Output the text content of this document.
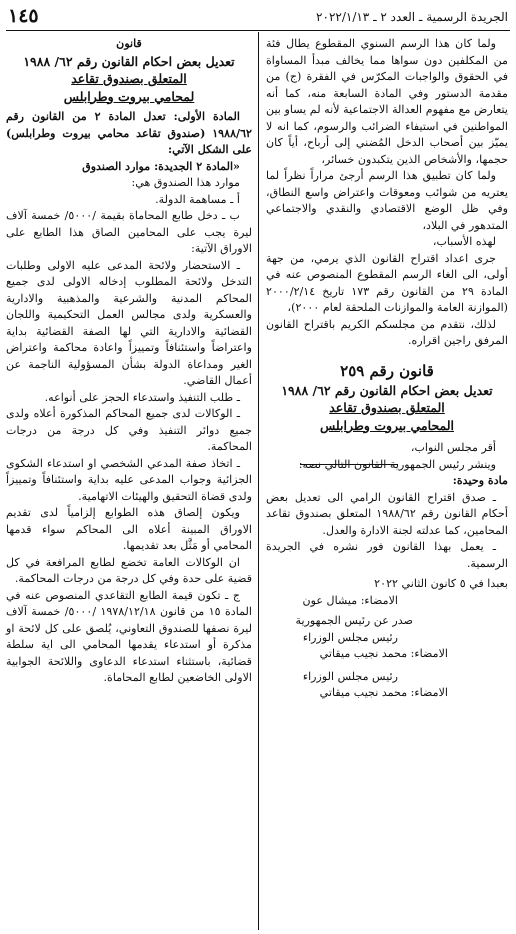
الجريدة الرسمية ـ العدد ٢ ـ ٢٠٢٢/١/١٣
١٤٥

ولما كان هذا الرسم السنوي المقطوع يطال فئة من المكلفين دون سواها مما يخالف مبدأ المساواة في الحقوق والواجبات المكرّس في الفقرة (ج) من مقدمة الدستور وفي المادة السابعة منه، كما أنه يتعارض مع مفهوم العدالة الاجتماعية لأنه لم يساو بين المواطنين في استيفاء الضرائب والرسوم، كما انه لا يميّز بين أصحاب الدخل المُضني إلى أرباح، أياً كان حجمها، والأشخاص الذين يتكبدون خسائر،

ولما كان تطبيق هذا الرسم أرجئ مراراً نظراً لما يعتريه من شوائب ومعوقات واعتراض واسع النطاق، وفي ظل الوضع الاقتصادي والنقدي والاجتماعي المتدهور في البلاد،

لهذه الأسباب،

جرى اعداد اقتراح القانون الذي يرمي، من جهة أولى، الى الغاء الرسم المقطوع المنصوص عنه في المادة ٢٩ من القانون رقم ١٧٣ تاريخ ٢٠٠٠/٢/١٤ (الموازنة العامة والموازنات الملحقة لعام ٢٠٠٠)،

لذلك، نتقدم من مجلسكم الكريم باقتراح القانون المرفق راجين اقراره.

قانون رقم ٢٥٩
تعديل بعض احكام القانون رقم ٦٢/ ١٩٨٨
المتعلق بصندوق تقاعد
المحامي بيروت وطرابلس

أقر مجلس النواب،

وينشر رئيس الجمهورية القانون التالي نصه:

مادة وحيدة:

ـ صدق اقتراح القانون الرامي الى تعديل بعض أحكام القانون رقم ١٩٨٨/٦٢ المتعلق بصندوق تقاعد المحامين، كما عدلته لجنة الادارة والعدل.

ـ يعمل بهذا القانون فور نشره في الجريدة الرسمية.

بعبدا في ٥ كانون الثاني ٢٠٢٢

الامضاء: ميشال عون

صدر عن رئيس الجمهورية

رئيس مجلس الوزراء

الامضاء: محمد نجيب ميقاتي

رئيس مجلس الوزراء

الامضاء: محمد نجيب ميقاتي

قانون
تعديل بعض احكام القانون رقم ٦٢/ ١٩٨٨
المتعلق بصندوق تقاعد
لمحامي بيروت وطرابلس

المادة الأولى: تعدل المادة ٢ من القانون رقم ١٩٨٨/٦٢ (صندوق تقاعد محامي بيروت وطرابلس) على الشكل الآتي:

«المادة ٢ الجديدة: موارد الصندوق

موارد هذا الصندوق هي:

أ ـ مساهمة الدولة.

ب ـ دخل طابع المحاماة بقيمة /٥٠٠٠/ خمسة آلاف ليرة يجب على المحامين الصاق هذا الطابع على الاوراق الآتية:

ـ الاستحضار ولائحة المدعى عليه الاولى وطلبات التدخل ولائحة المطلوب إدخاله الاولى لدى جميع المحاكم المدنية والشرعية والمذهبية والادارية والعسكرية ولدى مجالس العمل التحكيمية واللجان القضائية والادارية التي لها الصفة القضائية بداية واعتراضاً واستئنافاً وتمييزاً واعادة محاكمة واعتراض الغير ومداعاة الدولة بشأن المسؤولية الناجمة عن أعمال القاضي.

ـ طلب التنفيذ واستدعاء الحجز على أنواعه.

ـ الوكالات لدى جميع المحاكم المذكورة أعلاه ولدى جميع دوائر التنفيذ وفي كل درجة من درجات المحاكمة.

ـ اتخاذ صفة المدعي الشخصي او استدعاء الشكوى الجزائية وجواب المدعى عليه بداية واستئنافاً وتمييزاً ولدى قضاة التحقيق والهيئات الاتهامية.

ويكون إلصاق هذه الطوابع إلزامياً لدى تقديم الاوراق المبينة أعلاه الى المحاكم سواء قدمها المحامي أو مَثَّل بعد تقديمها.

ان الوكالات العامة تخضع لطابع المرافعة في كل قضية على حدة وفي كل درجة من درجات المحاكمة.

ج ـ تكون قيمة الطابع التقاعدي المنصوص عنه في المادة ١٥ من قانون ١٩٧٨/١٢/١٨ /٥٠٠٠/ خمسة آلاف ليرة نصفها للصندوق التعاوني، يُلصق على كل لائحة او مذكرة أو استدعاء يقدمها المحامي الى اية سلطة قضائية، باستثناء استدعاء الدعاوى واللائحة الجوابية الاولى الخاضعين لطابع المحاماة.
